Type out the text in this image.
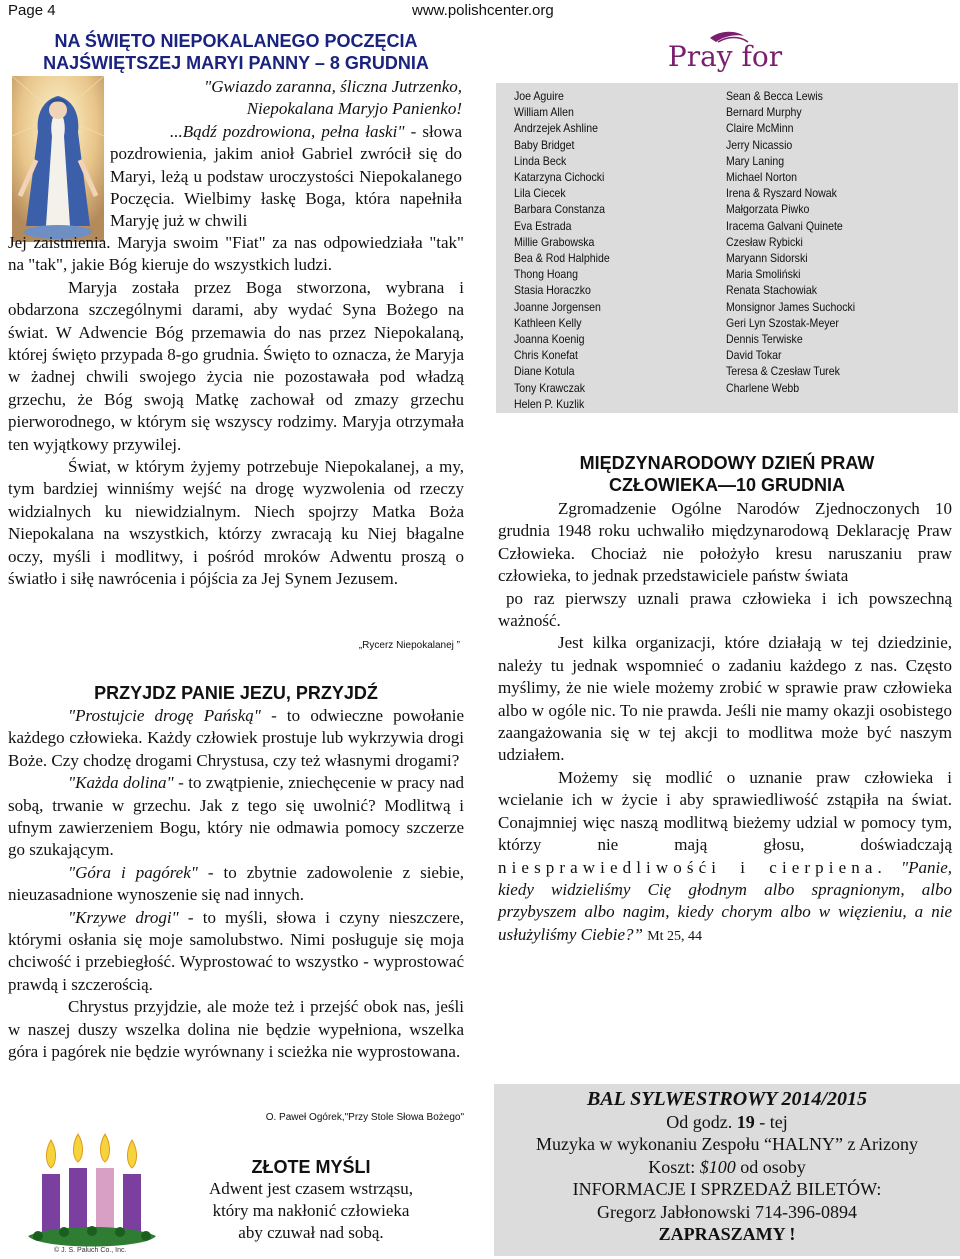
Page 4	www.polishcenter.org
NA ŚWIĘTO NIEPOKALANEGO POCZĘCIA
NAJŚWIĘTSZEJ MARYI PANNY – 8 GRUDNIA
"Gwiazdo zaranna, śliczna Jutrzenko,
Niepokalana Maryjo Panienko!
...Bądź pozdrowiona, pełna łaski" - słowa pozdrowienia, jakim anioł Gabriel zwrócił się do Maryi, leżą u podstaw uroczystości Niepokalanego Poczęcia. Wielbimy łaskę Boga, która napełniła Maryję już w chwili

Jej zaistnienia. Maryja swoim "Fiat" za nas odpowiedziała "tak" na "tak", jakie Bóg kieruje do wszystkich ludzi.

Maryja została przez Boga stworzona, wybrana i obdarzona szczególnymi darami, aby wydać Syna Bożego na świat. W Adwencie Bóg przemawia do nas przez Niepokalaną, której święto przypada 8-go grudnia. Święto to oznacza, że Maryja w żadnej chwili swojego życia nie pozostawała pod władzą grzechu, że Bóg swoją Matkę zachował od zmazy grzechu pierworodnego, w którym się wszyscy rodzimy. Maryja otrzymała ten wyjątkowy przywilej.

Świat, w którym żyjemy potrzebuje Niepokalanej, a my, tym bardziej winniśmy wejść na drogę wyzwolenia od rzeczy widzialnych ku niewidzialnym. Niech spojrzy Matka Boża Niepokalana na wszystkich, którzy zwracają ku Niej błagalne oczy, myśli i modlitwy, i pośród mroków Adwentu proszą o światło i siłę nawrócenia i pójścia za Jej Synem Jezusem.

„Rycerz Niepokalanej ”
PRZYJDZ PANIE JEZU, PRZYJDŹ

"Prostujcie drogę Pańską" - to odwieczne powołanie każdego człowieka. Każdy człowiek prostuje lub wykrzywia drogi Boże. Czy chodzę drogami Chrystusa, czy też własnymi drogami?

"Każda dolina" - to zwątpienie, zniechęcenie w pracy nad sobą, trwanie w grzechu. Jak z tego się uwolnić? Modlitwą i ufnym zawierzeniem Bogu, który nie odmawia pomocy szczerze go szukającym.

"Góra i pagórek" - to zbytnie zadowolenie z siebie, nieuzasadnione wynoszenie się nad innych.

"Krzywe drogi" - to myśli, słowa i czyny nieszczere, którymi osłania się moje samolubstwo. Nimi posługuje się moja chciwość i przebiegłość. Wyprostować to wszystko - wyprostować prawdą i szczerością.

Chrystus przyjdzie, ale może też i przejść obok nas, jeśli w naszej duszy wszelka dolina nie będzie wypełniona, wszelka góra i pagórek nie będzie wyrównany i scieżka nie wyprostowana.

O. Paweł Ogórek,"Przy Stole Słowa Bożego"
© J. S. Paluch Co., Inc.
ZŁOTE MYŚLI
Adwent jest czasem wstrząsu,
który ma nakłonić człowieka
aby czuwał nad sobą.
Pray for
Joe Aguire
William Allen
Andrzejek Ashline
Baby Bridget
Linda Beck
Katarzyna Cichocki
Lila Ciecek
Barbara Constanza
Eva Estrada
Millie Grabowska
Bea & Rod Halphide
Thong Hoang
Stasia Horaczko
Joanne Jorgensen
Kathleen Kelly
Joanna Koenig
Chris Konefat
Diane Kotula
Tony Krawczak
Helen P. Kuzlik
Sean & Becca Lewis
Bernard Murphy
Claire McMinn
Jerry Nicassio
Mary Laning
Michael Norton
Irena & Ryszard Nowak
Małgorzata Piwko
Iracema Galvani Quinete
Czesław Rybicki
Maryann Sidorski
Maria Smoliński
Renata Stachowiak
Monsignor James Suchocki
Geri Lyn Szostak-Meyer
Dennis Terwiske
David Tokar
Teresa & Czesław Turek
Charlene Webb
MIĘDZYNARODOWY DZIEŃ PRAW
CZŁOWIEKA—10 GRUDNIA

Zgromadzenie Ogólne Narodów Zjednoczonych 10 grudnia 1948 roku uchwaliło międzynarodową Deklarację Praw Człowieka. Chociaż nie położyło kresu naruszaniu praw człowieka, to jednak przedstawiciele państw świata

po raz pierwszy uznali prawa człowieka i ich powszechną ważność.

Jest kilka organizacji, które działają w tej dziedzinie, należy tu jednak wspomnieć o zadaniu każdego z nas. Często myślimy, że nie wiele możemy zrobić w sprawie praw człowieka albo w ogóle nic. To nie prawda. Jeśli nie mamy okazji osobistego zaangażowania się w tej akcji to modlitwa może być naszym udziałem.

Możemy się modlić o uznanie praw człowieka i wcielanie ich w życie i aby sprawiedliwość zstąpiła na świat. Conajmniej więc naszą modlitwą bieżemy udzial w pomocy tym, którzy nie mają głosu, doświadczają niesprawiedliwośći i cierpiena. "Panie, kiedy widzieliśmy Cię głodnym albo spragnionym, albo przybyszem albo nagim, kiedy chorym albo w więzieniu, a nie usłużyliśmy Ciebie?” Mt 25, 44

BAL SYLWESTROWY 2014/2015
Od godz. 19 - tej
Muzyka w wykonaniu Zespołu “HALNY” z Arizony
Koszt: $100 od osoby
INFORMACJE I SPRZEDAŻ BILETÓW:
Gregorz Jabłonowski 714-396-0894
ZAPRASZAMY !
